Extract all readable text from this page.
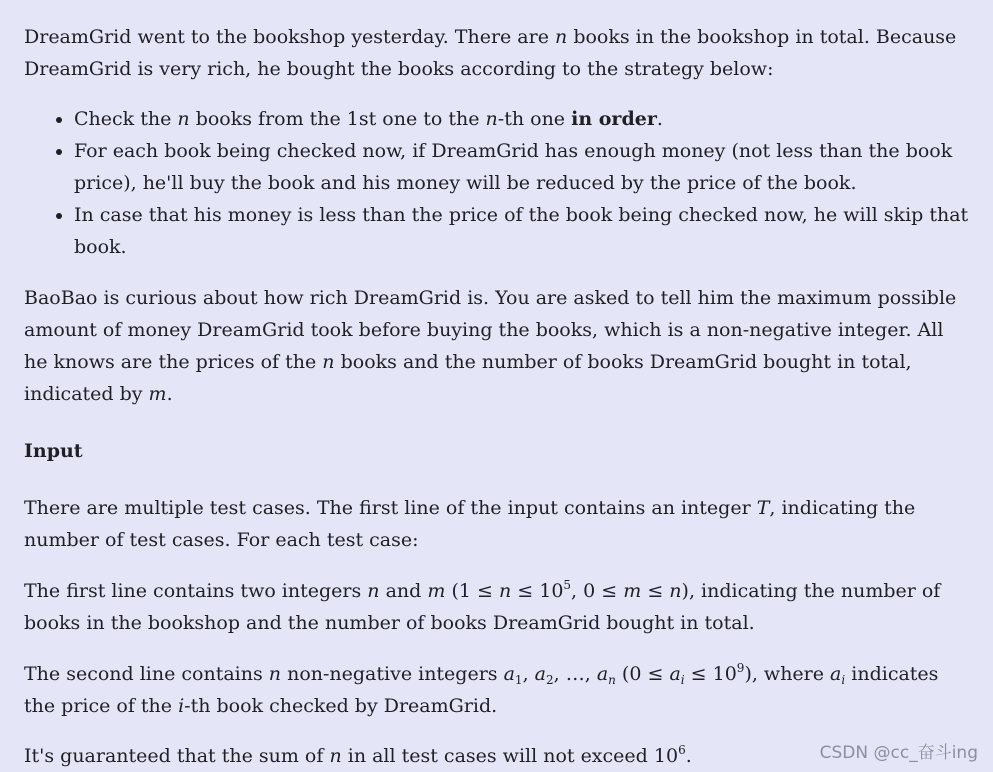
DreamGrid went to the bookshop yesterday. There are n books in the bookshop in total. Because DreamGrid is very rich, he bought the books according to the strategy below:

• Check the n books from the 1st one to the n-th one in order.
• For each book being checked now, if DreamGrid has enough money (not less than the book price), he'll buy the book and his money will be reduced by the price of the book.
• In case that his money is less than the price of the book being checked now, he will skip that book.

BaoBao is curious about how rich DreamGrid is. You are asked to tell him the maximum possible amount of money DreamGrid took before buying the books, which is a non-negative integer. All he knows are the prices of the n books and the number of books DreamGrid bought in total, indicated by m.

Input

There are multiple test cases. The first line of the input contains an integer T, indicating the number of test cases. For each test case:

The first line contains two integers n and m ($1 \le n \le 10^5$, 0 ≤ m ≤ n), indicating the number of books in the bookshop and the number of books DreamGrid bought in total.

The second line contains n non-negative integers $a_1$, $a_2$, …, $a_n$ $(0 \le a_i \le 10^9)$, where $a_i$ indicates the price of the i-th book checked by DreamGrid.

It's guaranteed that the sum of n in all test cases will not exceed $10^6$.	CSDN @cc_奋斗ing
